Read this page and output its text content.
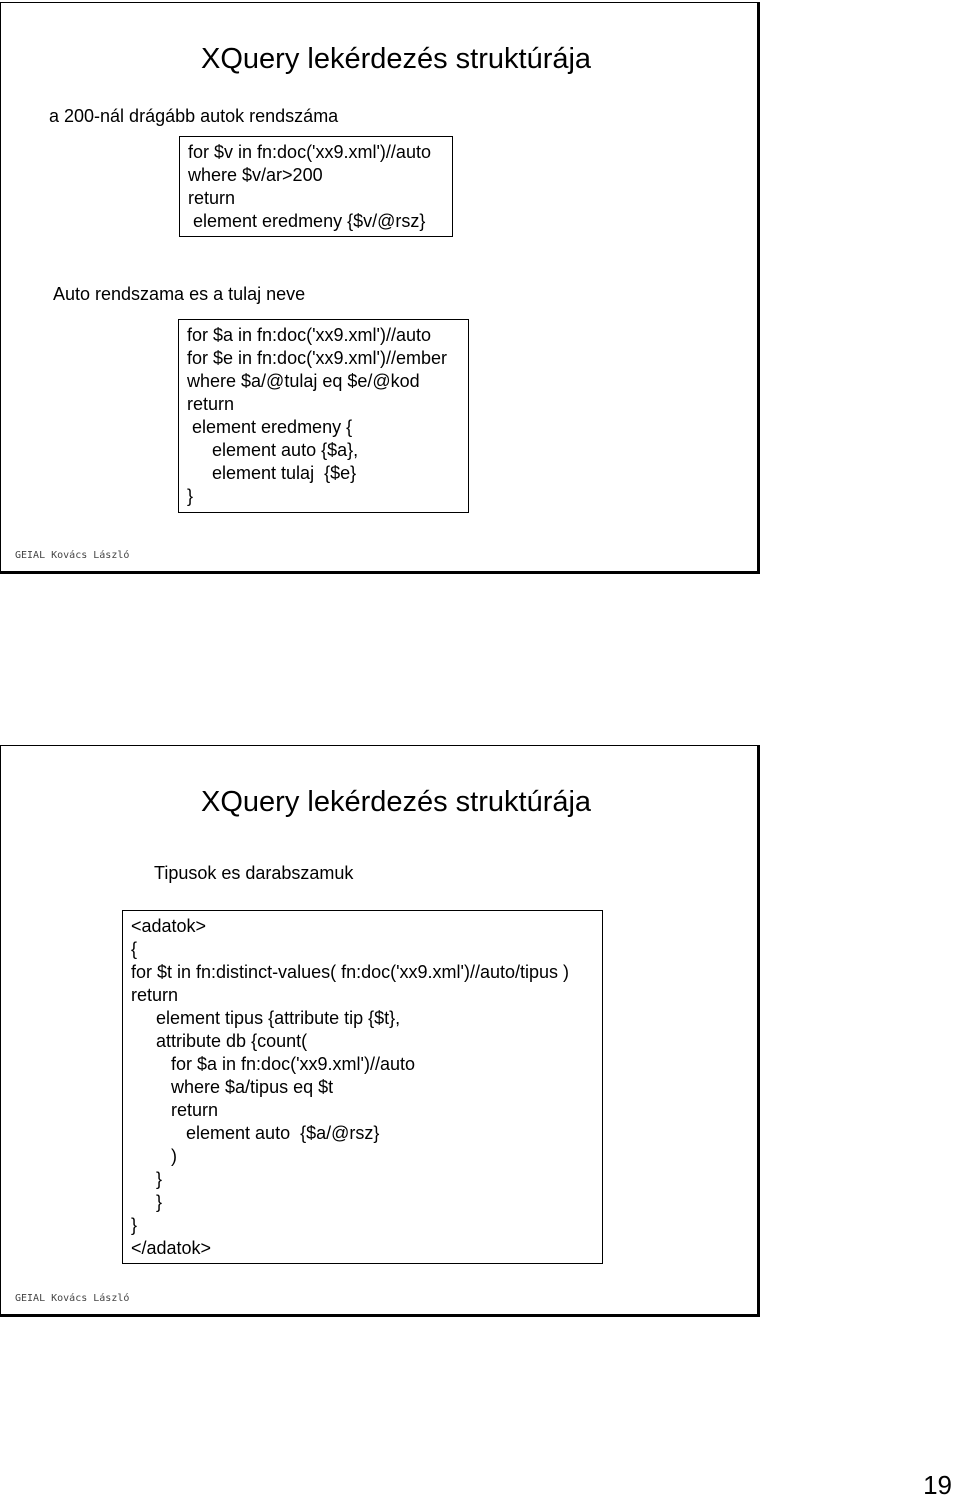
XQuery lekérdezés struktúrája
a 200-nál drágább autok rendszáma
for $v in fn:doc('xx9.xml')//auto
where $v/ar>200
return
element eredmeny {$v/@rsz}
Auto rendszama es a tulaj neve
for $a in fn:doc('xx9.xml')//auto
for $e in fn:doc('xx9.xml')//ember
where $a/@tulaj eq $e/@kod
return
element eredmeny {
element auto {$a},
element tulaj  {$e}
}
GEIAL Kovács László
XQuery lekérdezés struktúrája
Tipusok es darabszamuk
<adatok>
{
for $t in fn:distinct-values( fn:doc('xx9.xml')//auto/tipus )
return
element tipus {attribute tip {$t},
attribute db {count(
for $a in fn:doc('xx9.xml')//auto
where $a/tipus eq $t
return
element auto  {$a/@rsz}
)
}
}
}
</adatok>
GEIAL Kovács László
19
